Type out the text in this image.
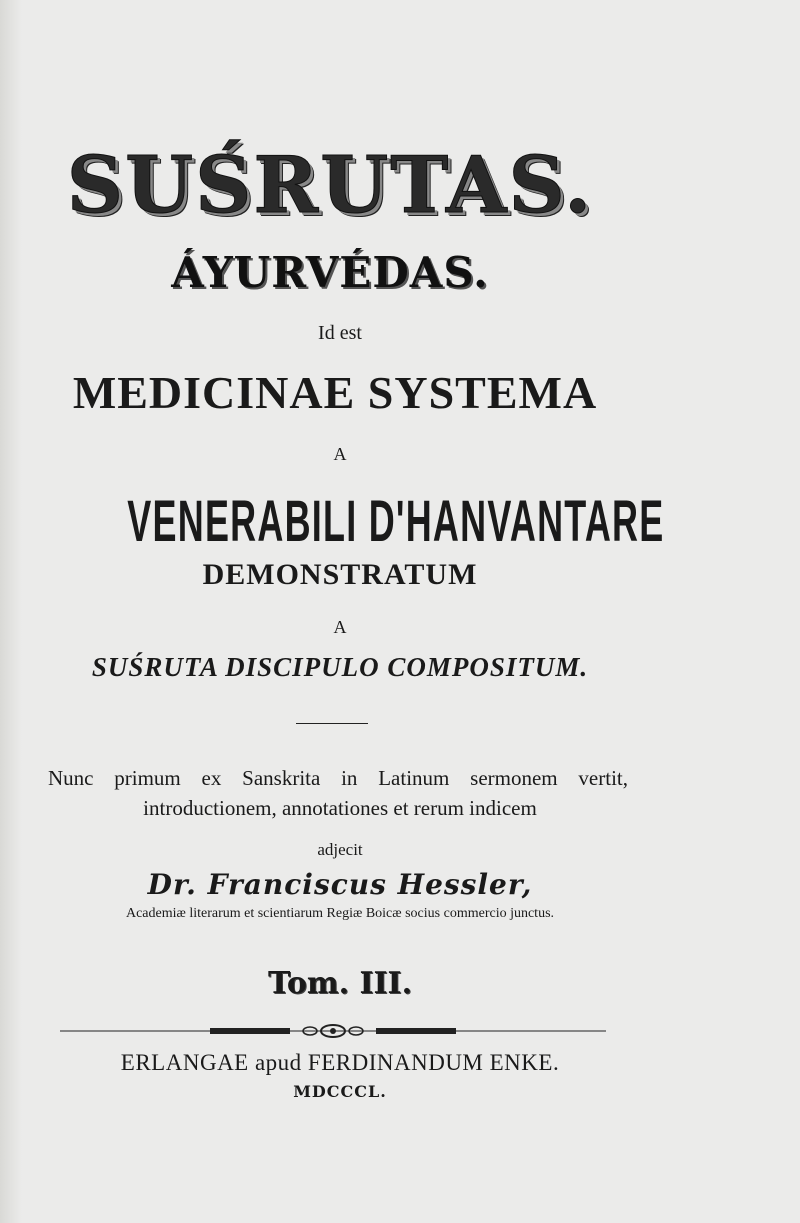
SUŚRUTAS.
ÁYURVÉDAS.
Id est
MEDICINAE SYSTEMA
A
VENERABILI D'HANVANTARE
DEMONSTRATUM
A
SUŚRUTA DISCIPULO COMPOSITUM.
Nunc primum ex Sanskrita in Latinum sermonem vertit,
introductionem, annotationes et rerum indicem
adjecit
Dr. Franciscus Hessler,
Academiæ literarum et scientiarum Regiæ Boicæ socius commercio junctus.
Tom. III.
ERLANGAE apud FERDINANDUM ENKE.
MDCCCL.
